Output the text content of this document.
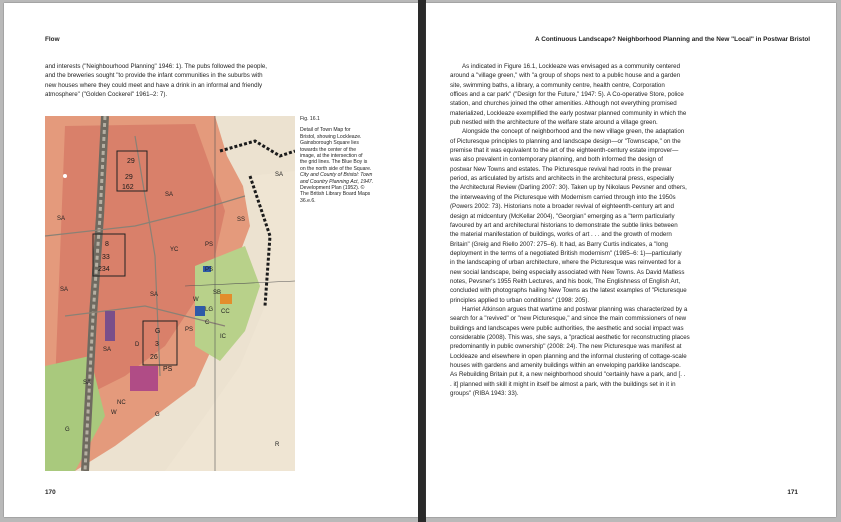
Flow
and interests ("Neighbourhood Planning" 1946: 1). The pubs followed the people,
and the breweries sought "to provide the infant communities in the suburbs with
new houses where they could meet and have a drink in an informal and friendly
atmosphere" ("Golden Cockerel" 1961–2: 7).
29
29
162
8
33
234
G
3
26
PS
SA
SA	SS
PS
YC
PS
SB
W
LG CC
C
PS
SA
SA
SA
SA
G
NC
W
D
IC
G
R
SA
Fig. 16.1
Detail of Town Map for
Bristol, showing Lockleaze.
Gainsborough Square lies
towards the center of the
image, at the intersection of
the grid lines. The Blue Boy is
on the north side of the Square.
City and County of Bristol: Town
and Country Planning Act, 1947.
Development Plan (1952). ©
The British Library Board Maps
36.e.6.
170
A Continuous Landscape? Neighborhood Planning and the New "Local" in Postwar Bristol
As indicated in Figure 16.1, Lockleaze was envisaged as a community centered
around a "village green," with "a group of shops next to a public house and a garden
site, swimming baths, a library, a community centre, health centre, Corporation
offices and a car park" ("Design for the Future," 1947: 5). A Co-operative Store, police
station, and churches joined the other amenities. Although not everything promised
materialized, Lockleaze exemplified the early postwar planned community in which the
pub nestled with the architecture of the welfare state around a village green.
Alongside the concept of neighborhood and the new village green, the adaptation
of Picturesque principles to planning and landscape design—or "Townscape," on the
premise that it was equivalent to the art of the eighteenth-century estate improver—
was also prevalent in contemporary planning, and both informed the design of
postwar New Towns and estates. The Picturesque revival had roots in the prewar
period, as articulated by artists and architects in the architectural press, especially
the Architectural Review (Darling 2007: 30). Taken up by Nikolaus Pevsner and others,
the interweaving of the Picturesque with Modernism carried through into the 1950s
(Powers 2002: 73). Historians note a broader revival of eighteenth-century art and
design at midcentury (McKellar 2004), "Georgian" emerging as a "term particularly
favoured by art and architectural historians to demonstrate the subtle links between
the material manifestation of buildings, works of art . . . and the growth of modern
Britain" (Greig and Riello 2007: 275–6). It had, as Barry Curtis indicates, a "long
deployment in the terms of a negotiated British modernism" (1985–6: 1)—particularly
in the landscaping of urban architecture, where the Picturesque was reinvented for a
new social landscape, being especially associated with New Towns. As David Matless
notes, Pevsner's 1955 Reith Lectures, and his book, The Englishness of English Art,
concluded with photographs hailing New Towns as the latest examples of "Picturesque
principles applied to urban conditions" (1998: 205).
Harriet Atkinson argues that wartime and postwar planning was characterized by a
search for a "revived" or "new Picturesque," and since the main commissioners of new
buildings and landscapes were public authorities, the aesthetic and social impact was
considerable (2008). This was, she says, a "practical aesthetic for reconstructing places
predominantly in public ownership" (2008: 24). The new Picturesque was manifest at
Lockleaze and elsewhere in open planning and the informal clustering of cottage-scale
houses with gardens and amenity buildings within an enveloping parklike landscape.
As Rebuilding Britain put it, a new neighborhood should "certainly have a park, and [. .
. it] planned with skill it might in itself be almost a park, with the buildings set in it in
groups" (RIBA 1943: 33).
171
